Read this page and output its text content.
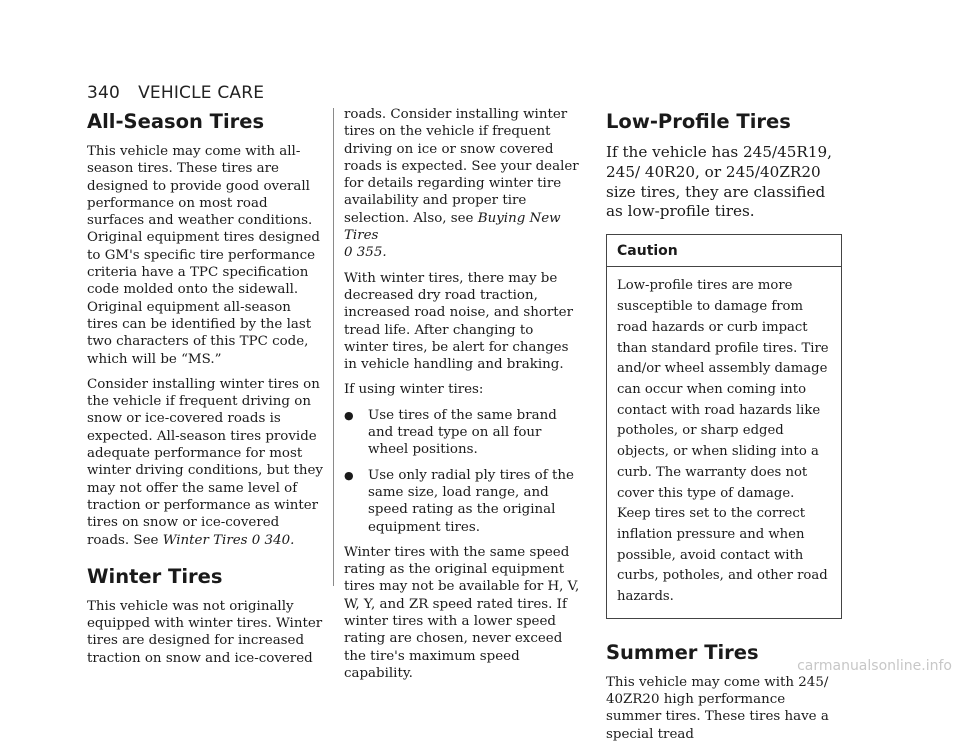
340 VEHICLE CARE
All-Season Tires

This vehicle may come with all-season tires. These tires are designed to provide good overall performance on most road surfaces and weather conditions. Original equipment tires designed to GM's specific tire performance criteria have a TPC specification code molded onto the sidewall. Original equipment all-season tires can be identified by the last two characters of this TPC code, which will be “MS.”

Consider installing winter tires on the vehicle if frequent driving on snow or ice-covered roads is expected. All-season tires provide adequate performance for most winter driving conditions, but they may not offer the same level of traction or performance as winter tires on snow or ice-covered roads. See Winter Tires 0 340.

Winter Tires

This vehicle was not originally equipped with winter tires. Winter tires are designed for increased traction on snow and ice-covered

roads. Consider installing winter tires on the vehicle if frequent driving on ice or snow covered roads is expected. See your dealer for details regarding winter tire availability and proper tire selection. Also, see Buying New Tires
0 355.

With winter tires, there may be decreased dry road traction, increased road noise, and shorter tread life. After changing to winter tires, be alert for changes in vehicle handling and braking.

If using winter tires:

●	Use tires of the same brand and tread type on all four wheel positions.
●	Use only radial ply tires of the same size, load range, and speed rating as the original equipment tires.

Winter tires with the same speed rating as the original equipment tires may not be available for H, V, W, Y, and ZR speed rated tires. If winter tires with a lower speed rating are chosen, never exceed the tire's maximum speed capability.

Low-Profile Tires

If the vehicle has 245/45R19, 245/ 40R20, or 245/40ZR20 size tires, they are classified as low-profile tires.

Caution
Low-profile tires are more susceptible to damage from road hazards or curb impact than standard profile tires. Tire and/or wheel assembly damage can occur when coming into contact with road hazards like potholes, or sharp edged objects, or when sliding into a curb. The warranty does not cover this type of damage. Keep tires set to the correct inflation pressure and when possible, avoid contact with curbs, potholes, and other road hazards.
Summer Tires

This vehicle may come with 245/ 40ZR20 high performance summer tires. These tires have a special tread

carmanualsonline.info
